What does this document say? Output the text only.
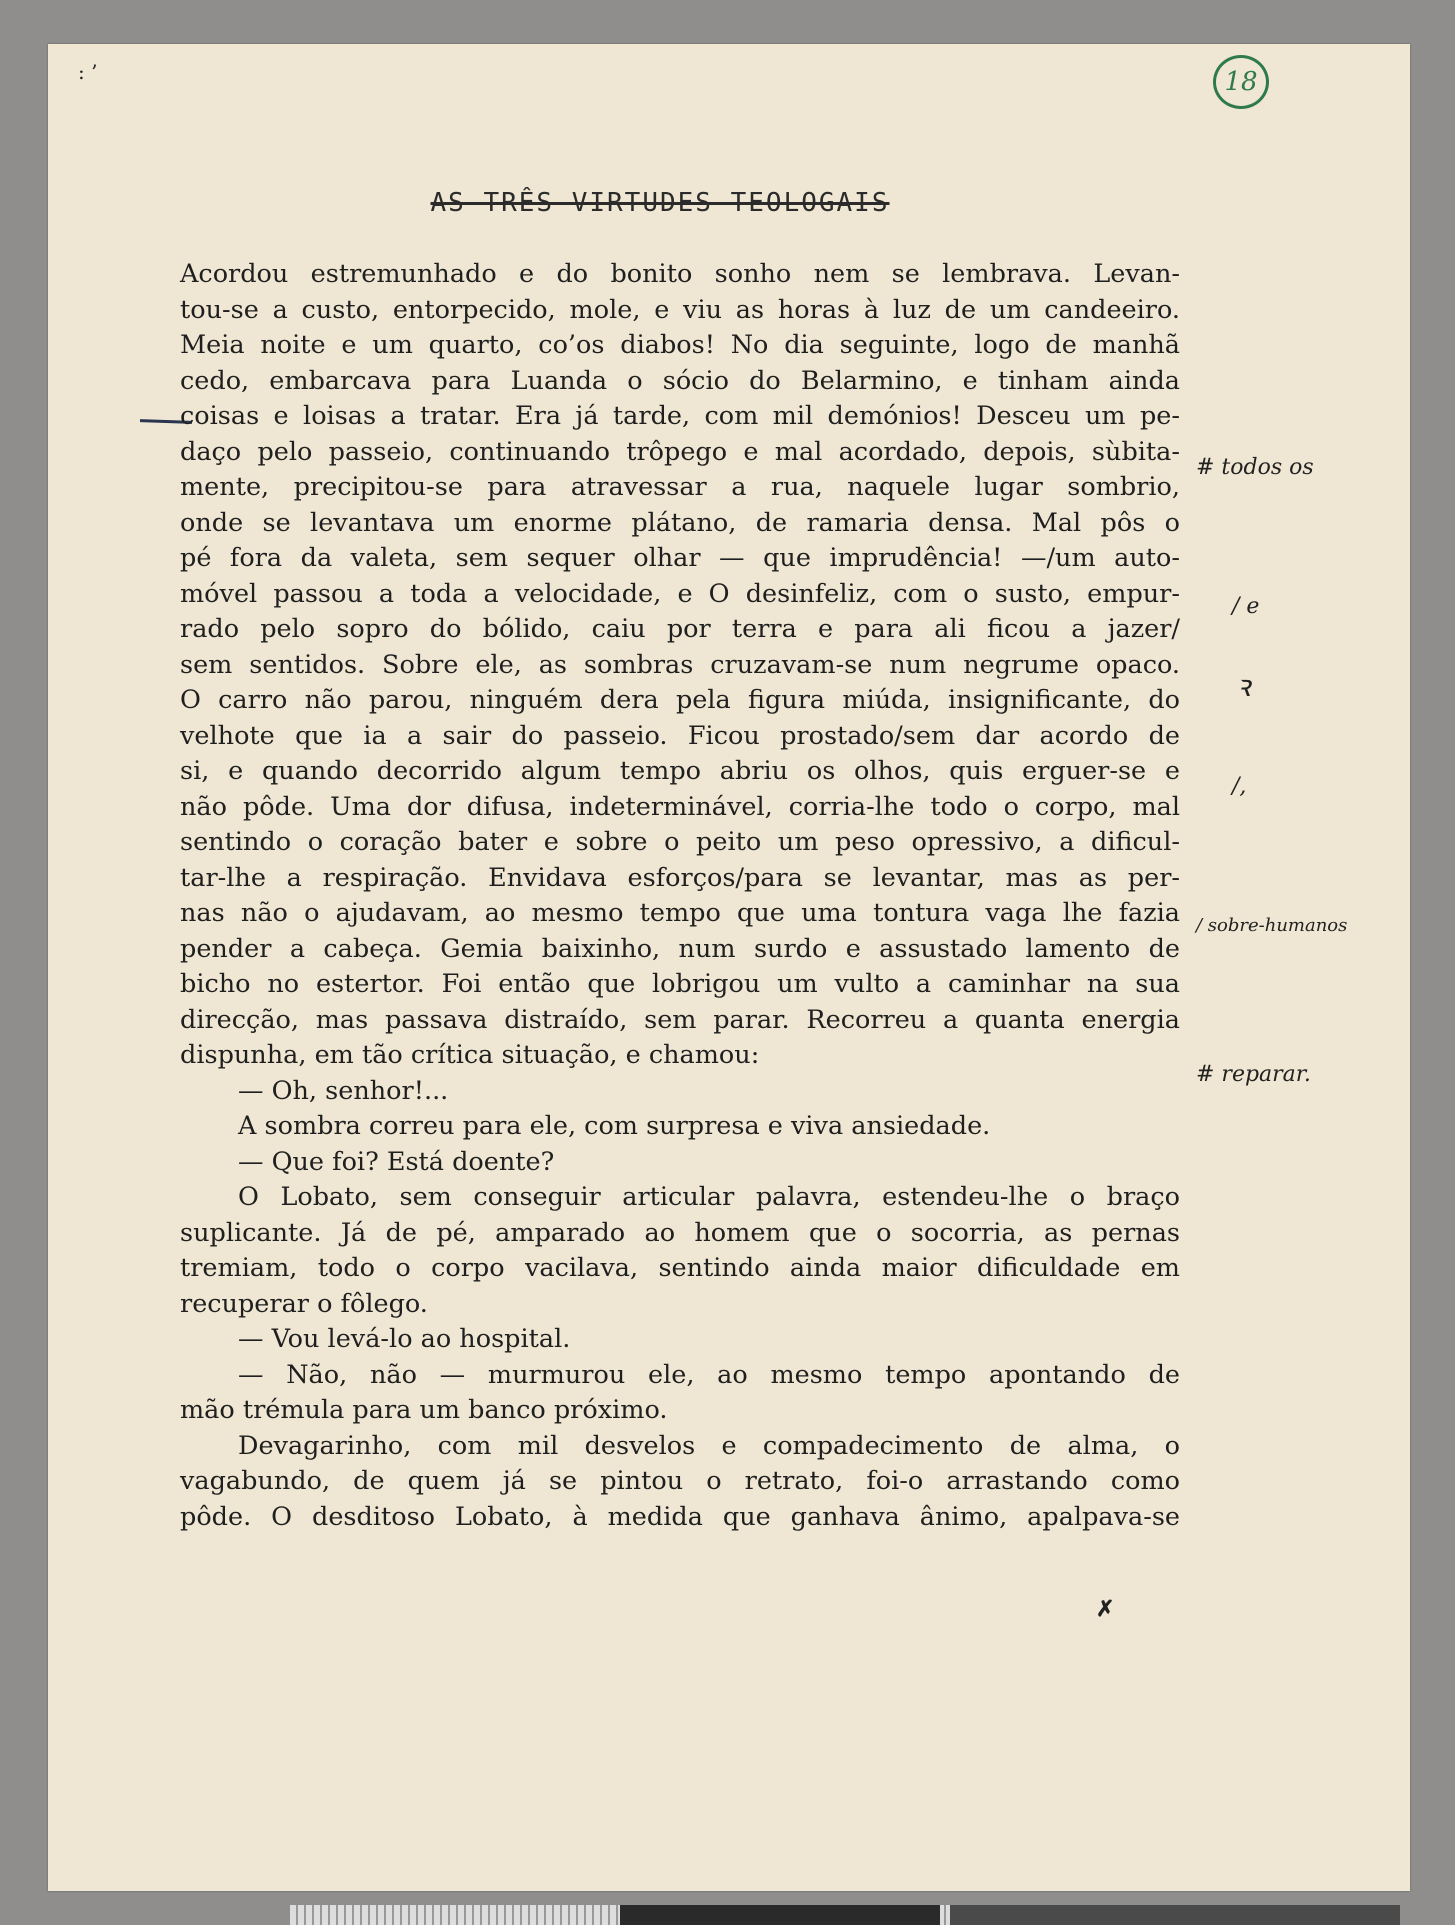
: ’	18
AS TRÊS VIRTUDES TEOLOGAIS
Acordou estremunhado e do bonito sonho nem se lembrava. Levan-
tou-se a custo, entorpecido, mole, e viu as horas à luz de um candeeiro.
Meia noite e um quarto, co’os diabos! No dia seguinte, logo de manhã
cedo, embarcava para Luanda o sócio do Belarmino, e tinham ainda
coisas e loisas a tratar. Era já tarde, com mil demónios! Desceu um pe-
daço pelo passeio, continuando trôpego e mal acordado, depois, sùbita-
mente, precipitou-se para atravessar a rua, naquele lugar sombrio,
onde se levantava um enorme plátano, de ramaria densa. Mal pôs o
pé fora da valeta, sem sequer olhar — que imprudência! —/um auto-
móvel passou a toda a velocidade, e O desinfeliz, com o susto, empur-
rado pelo sopro do bólido, caiu por terra e para ali ficou a jazer/
sem sentidos. Sobre ele, as sombras cruzavam-se num negrume opaco.
O carro não parou, ninguém dera pela figura miúda, insignificante, do
velhote que ia a sair do passeio. Ficou prostado/sem dar acordo de
si, e quando decorrido algum tempo abriu os olhos, quis erguer-se e
não pôde. Uma dor difusa, indeterminável, corria-lhe todo o corpo, mal
sentindo o coração bater e sobre o peito um peso opressivo, a dificul-
tar-lhe a respiração. Envidava esforços/para se levantar, mas as per-
nas não o ajudavam, ao mesmo tempo que uma tontura vaga lhe fazia
pender a cabeça. Gemia baixinho, num surdo e assustado lamento de
bicho no estertor. Foi então que lobrigou um vulto a caminhar na sua
direcção, mas passava distraído, sem parar. Recorreu a quanta energia
dispunha, em tão crítica situação, e chamou:
— Oh, senhor!...
A sombra correu para ele, com surpresa e viva ansiedade.
— Que foi? Está doente?
O Lobato, sem conseguir articular palavra, estendeu-lhe o braço
suplicante. Já de pé, amparado ao homem que o socorria, as pernas
tremiam, todo o corpo vacilava, sentindo ainda maior dificuldade em
recuperar o fôlego.
— Vou levá-lo ao hospital.
— Não, não — murmurou ele, ao mesmo tempo apontando de
mão trémula para um banco próximo.
Devagarinho, com mil desvelos e compadecimento de alma, o
vagabundo, de quem já se pintou o retrato, foi-o arrastando como
pôde. O desditoso Lobato, à medida que ganhava ânimo, apalpava-se
# todos os
/ e
ꝛ
/,
/ sobre-humanos
# reparar.
✗
